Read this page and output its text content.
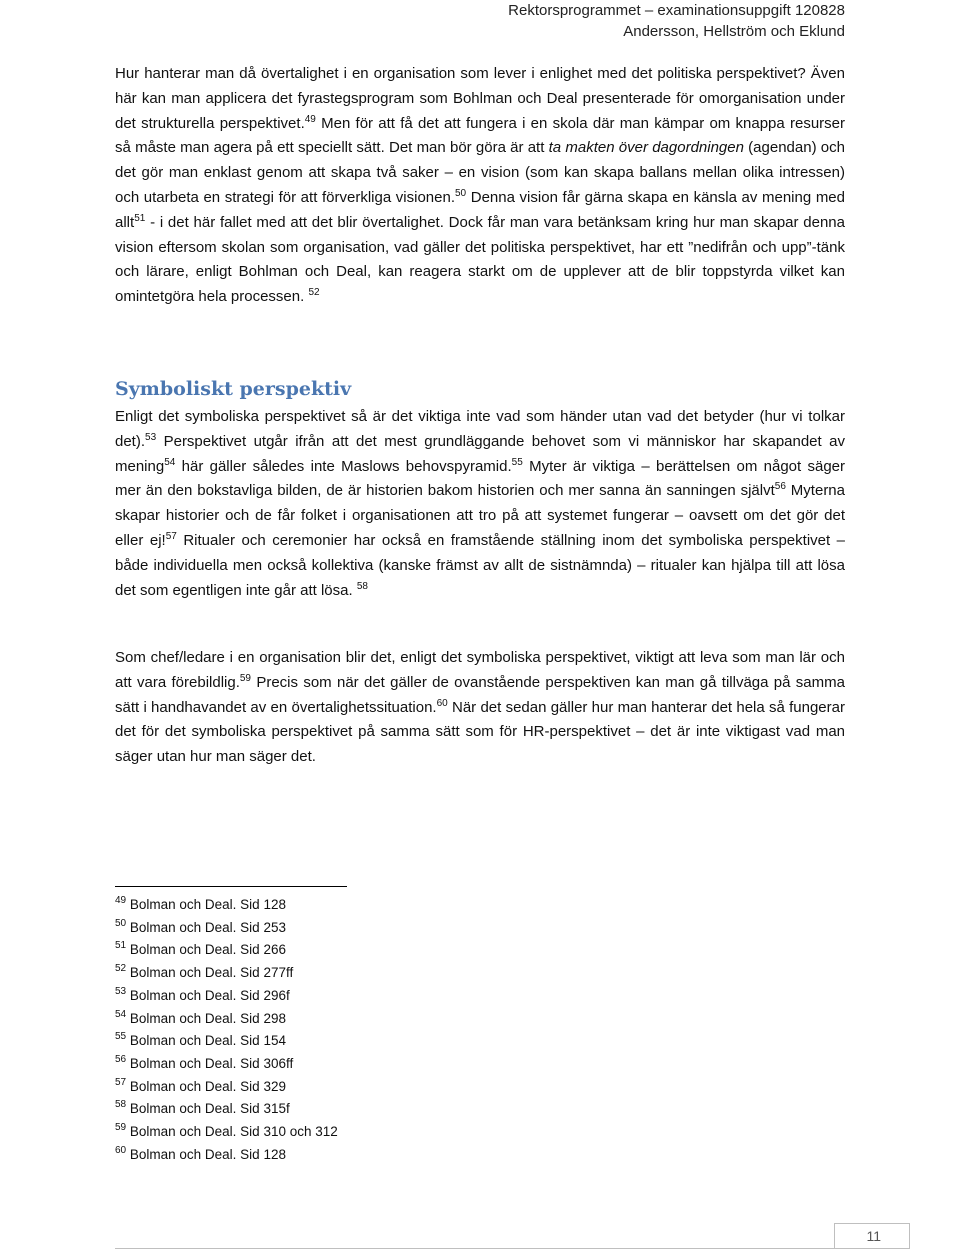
Rektorsprogrammet – examinationsuppgift 120828
Andersson, Hellström och Eklund

Hur hanterar man då övertalighet i en organisation som lever i enlighet med det politiska perspektivet? Även här kan man applicera det fyrastegsprogram som Bohlman och Deal presenterade för omorganisation under det strukturella perspektivet.$^{49}$ Men för att få det att fungera i en skola där man kämpar om knappa resurser så måste man agera på ett speciellt sätt. Det man bör göra är att ta makten över dagordningen (agendan) och det gör man enklast genom att skapa två saker – en vision (som kan skapa ballans mellan olika intressen) och utarbeta en strategi för att förverkliga visionen.$^{50}$ Denna vision får gärna skapa en känsla av mening med allt$^{51}$ - i det här fallet med att det blir övertalighet. Dock får man vara betänksam kring hur man skapar denna vision eftersom skolan som organisation, vad gäller det politiska perspektivet, har ett ”nedifrån och upp”-tänk och lärare, enligt Bohlman och Deal, kan reagera starkt om de upplever att de blir toppstyrda vilket kan omintetgöra hela processen. $^{52}$

Symboliskt perspektiv

Enligt det symboliska perspektivet så är det viktiga inte vad som händer utan vad det betyder (hur vi tolkar det).$^{53}$ Perspektivet utgår ifrån att det mest grundläggande behovet som vi människor har skapandet av mening$^{54}$ här gäller således inte Maslows behovspyramid.$^{55}$ Myter är viktiga – berättelsen om något säger mer än den bokstavliga bilden, de är historien bakom historien och mer sanna än sanningen självt$^{56}$ Myterna skapar historier och de får folket i organisationen att tro på att systemet fungerar – oavsett om det gör det eller ej!$^{57}$ Ritualer och ceremonier har också en framstående ställning inom det symboliska perspektivet – både individuella men också kollektiva (kanske främst av allt de sistnämnda) – ritualer kan hjälpa till att lösa det som egentligen inte går att lösa. $^{58}$

Som chef/ledare i en organisation blir det, enligt det symboliska perspektivet, viktigt att leva som man lär och att vara förebildlig.$^{59}$ Precis som när det gäller de ovanstående perspektiven kan man gå tillväga på samma sätt i handhavandet av en övertalighetssituation.$^{60}$ När det sedan gäller hur man hanterar det hela så fungerar det för det symboliska perspektivet på samma sätt som för HR-perspektivet – det är inte viktigast vad man säger utan hur man säger det.

$^{49}$ Bolman och Deal. Sid 128
$^{50}$ Bolman och Deal. Sid 253
$^{51}$ Bolman och Deal. Sid 266
$^{52}$ Bolman och Deal. Sid 277ff
$^{53}$ Bolman och Deal. Sid 296f
$^{54}$ Bolman och Deal. Sid 298
$^{55}$ Bolman och Deal. Sid 154
$^{56}$ Bolman och Deal. Sid 306ff
$^{57}$ Bolman och Deal. Sid 329
$^{58}$ Bolman och Deal. Sid 315f
$^{59}$ Bolman och Deal. Sid 310 och 312
$^{60}$ Bolman och Deal. Sid 128
11
